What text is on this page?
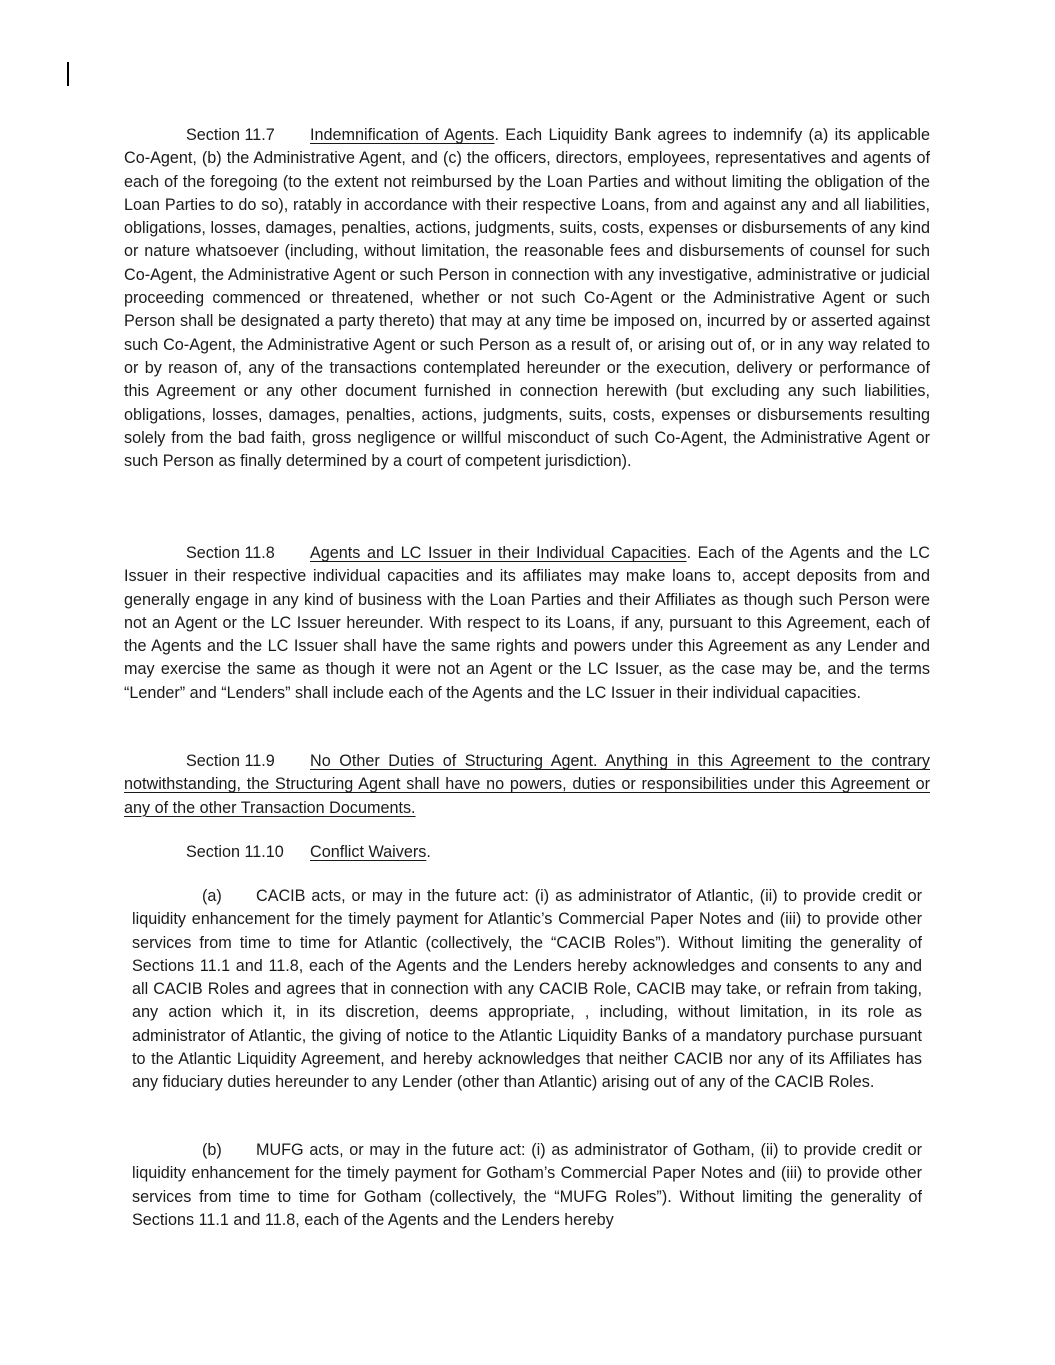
Section 11.7 Indemnification of Agents. Each Liquidity Bank agrees to indemnify (a) its applicable Co-Agent, (b) the Administrative Agent, and (c) the officers, directors, employees, representatives and agents of each of the foregoing (to the extent not reimbursed by the Loan Parties and without limiting the obligation of the Loan Parties to do so), ratably in accordance with their respective Loans, from and against any and all liabilities, obligations, losses, damages, penalties, actions, judgments, suits, costs, expenses or disbursements of any kind or nature whatsoever (including, without limitation, the reasonable fees and disbursements of counsel for such Co-Agent, the Administrative Agent or such Person in connection with any investigative, administrative or judicial proceeding commenced or threatened, whether or not such Co-Agent or the Administrative Agent or such Person shall be designated a party thereto) that may at any time be imposed on, incurred by or asserted against such Co-Agent, the Administrative Agent or such Person as a result of, or arising out of, or in any way related to or by reason of, any of the transactions contemplated hereunder or the execution, delivery or performance of this Agreement or any other document furnished in connection herewith (but excluding any such liabilities, obligations, losses, damages, penalties, actions, judgments, suits, costs, expenses or disbursements resulting solely from the bad faith, gross negligence or willful misconduct of such Co-Agent, the Administrative Agent or such Person as finally determined by a court of competent jurisdiction).

Section 11.8 Agents and LC Issuer in their Individual Capacities. Each of the Agents and the LC Issuer in their respective individual capacities and its affiliates may make loans to, accept deposits from and generally engage in any kind of business with the Loan Parties and their Affiliates as though such Person were not an Agent or the LC Issuer hereunder. With respect to its Loans, if any, pursuant to this Agreement, each of the Agents and the LC Issuer shall have the same rights and powers under this Agreement as any Lender and may exercise the same as though it were not an Agent or the LC Issuer, as the case may be, and the terms “Lender” and “Lenders” shall include each of the Agents and the LC Issuer in their individual capacities.

Section 11.9 No Other Duties of Structuring Agent. Anything in this Agreement to the contrary notwithstanding, the Structuring Agent shall have no powers, duties or responsibilities under this Agreement or any of the other Transaction Documents.

Section 11.10 Conflict Waivers.

(a) CACIB acts, or may in the future act: (i) as administrator of Atlantic, (ii) to provide credit or liquidity enhancement for the timely payment for Atlantic’s Commercial Paper Notes and (iii) to provide other services from time to time for Atlantic (collectively, the “CACIB Roles”). Without limiting the generality of Sections 11.1 and 11.8, each of the Agents and the Lenders hereby acknowledges and consents to any and all CACIB Roles and agrees that in connection with any CACIB Role, CACIB may take, or refrain from taking, any action which it, in its discretion, deems appropriate, , including, without limitation, in its role as administrator of Atlantic, the giving of notice to the Atlantic Liquidity Banks of a mandatory purchase pursuant to the Atlantic Liquidity Agreement, and hereby acknowledges that neither CACIB nor any of its Affiliates has any fiduciary duties hereunder to any Lender (other than Atlantic) arising out of any of the CACIB Roles.

(b) MUFG acts, or may in the future act: (i) as administrator of Gotham, (ii) to provide credit or liquidity enhancement for the timely payment for Gotham’s Commercial Paper Notes and (iii) to provide other services from time to time for Gotham (collectively, the “MUFG Roles”). Without limiting the generality of Sections 11.1 and 11.8, each of the Agents and the Lenders hereby
